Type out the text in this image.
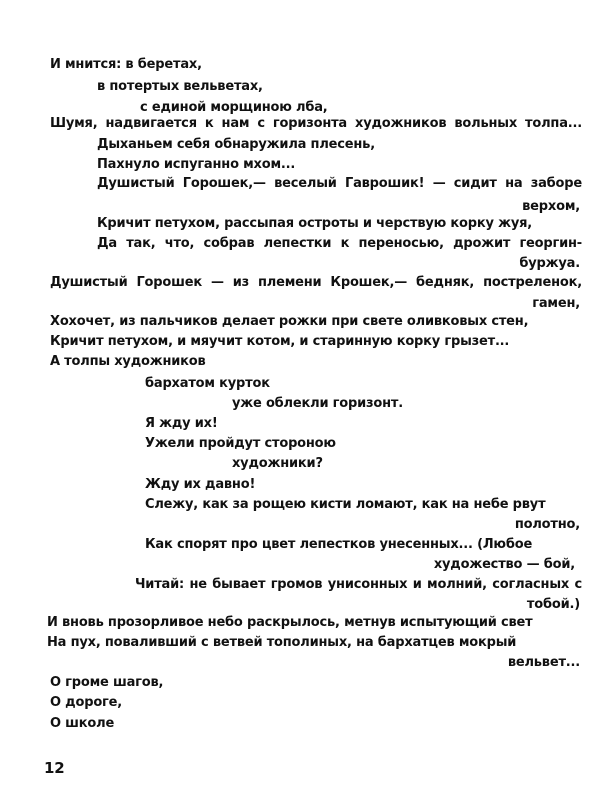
И мнится: в беретах,
в потертых вельветах,
с единой морщиною лба,
Шумя, надвигается к нам с горизонта художников вольных толпа...
Дыханьем себя обнаружила плесень,
Пахнуло испуганно мхом...
Душистый Горошек,— веселый Гаврошик! — сидит на заборе
верхом,
Кричит петухом, рассыпая остроты и черствую корку жуя,
Да так, что, собрав лепестки к переносью, дрожит георгин-
буржуа.
Душистый Горошек — из племени Крошек,— бедняк, постреленок,
гамен,
Хохочет, из пальчиков делает рожки при свете оливковых стен,
Кричит петухом, и мяучит котом, и старинную корку грызет...
А толпы художников
бархатом курток
уже облекли горизонт.
Я жду их!
Ужели пройдут стороною
художники?
Жду их давно!
Слежу, как за рощею кисти ломают, как на небе рвут
полотно,
Как спорят про цвет лепестков унесенных... (Любое
художество — бой,
Читай: не бывает громов унисонных и молний, согласных с
тобой.)
И вновь прозорливое небо раскрылось, метнув испытующий свет
На пух, поваливший с ветвей тополиных, на бархатцев мокрый
вельвет...
О громе шагов,
О дороге,
О школе
12
